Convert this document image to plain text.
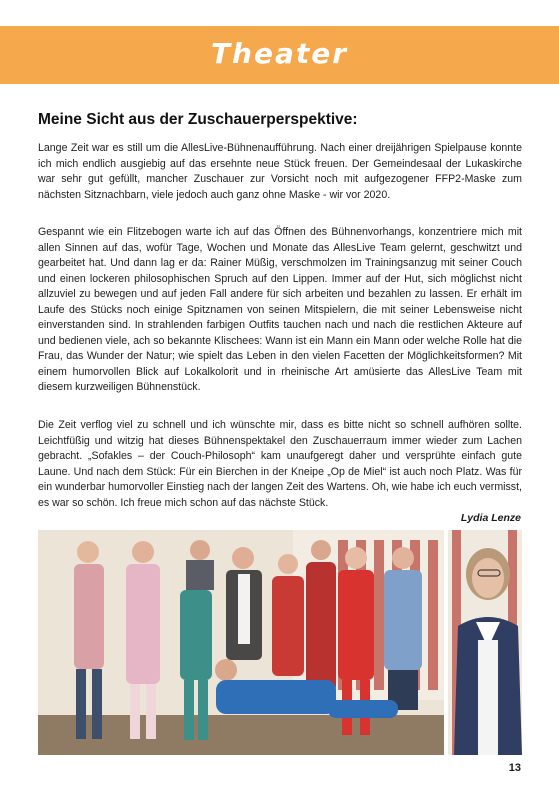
Theater
Meine Sicht aus der Zuschauerperspektive:

Lange Zeit war es still um die AllesLive-Bühnenaufführung. Nach einer dreijährigen Spielpause konnte ich mich endlich ausgiebig auf das ersehnte neue Stück freuen. Der Gemeindesaal der Lukaskirche war sehr gut gefüllt, mancher Zuschauer zur Vorsicht noch mit aufgezogener FFP2-Maske zum nächsten Sitznachbarn, viele jedoch auch ganz ohne Maske - wir vor 2020.

Gespannt wie ein Flitzebogen warte ich auf das Öffnen des Bühnenvorhangs, konzentriere mich mit allen Sinnen auf das, wofür Tage, Wochen und Monate das AllesLive Team gelernt, geschwitzt und gearbeitet hat. Und dann lag er da: Rainer Müßig, verschmolzen im Trainingsanzug mit seiner Couch und einen lockeren philosophischen Spruch auf den Lippen. Immer auf der Hut, sich möglichst nicht allzuviel zu bewegen und auf jeden Fall andere für sich arbeiten und bezahlen zu lassen. Er erhält im Laufe des Stücks noch einige Spitznamen von seinen Mitspielern, die mit seiner Lebensweise nicht einverstanden sind. In strahlenden farbigen Outfits tauchen nach und nach die restlichen Akteure auf und bedienen viele, ach so bekannte Klischees: Wann ist ein Mann ein Mann oder welche Rolle hat die Frau, das Wunder der Natur; wie spielt das Leben in den vielen Facetten der Möglichkeitsformen? Mit einem humorvollen Blick auf Lokalkolorit und in rheinische Art amüsierte das AllesLive Team mit diesem kurzweiligen Bühnenstück.

Die Zeit verflog viel zu schnell und ich wünschte mir, dass es bitte nicht so schnell aufhören sollte. Leichtfüßig und witzig hat dieses Bühnenspektakel den Zuschauerraum immer wieder zum Lachen gebracht. „Sofakles – der Couch-Philosoph“ kam unaufgeregt daher und versprühte einfach gute Laune. Und nach dem Stück: Für ein Bierchen in der Kneipe „Op de Miel“ ist auch noch Platz. Was für ein wunderbar humorvoller Einstieg nach der langen Zeit des Wartens. Oh, wie habe ich euch vermisst, es war so schön. Ich freue mich schon auf das nächste Stück.

Lydia Lenze
13
